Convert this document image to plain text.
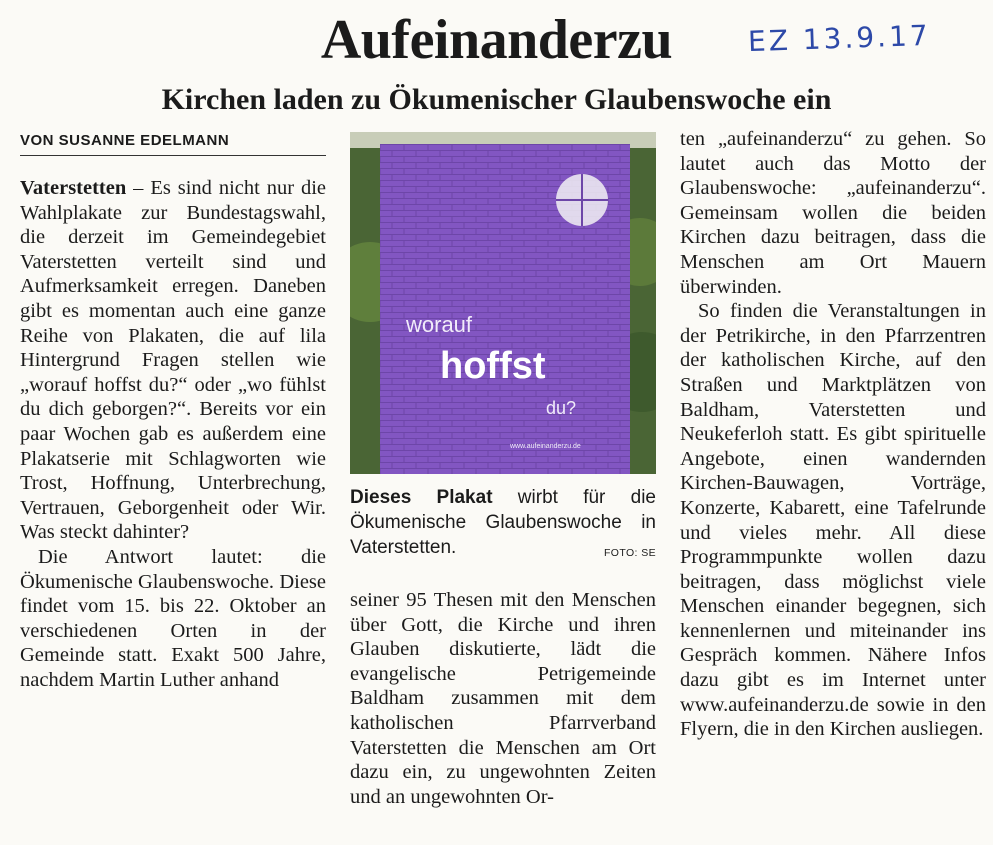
Aufeinanderzu	EZ 13.9.17
Kirchen laden zu Ökumenischer Glaubenswoche ein
VON SUSANNE EDELMANN

Vaterstetten – Es sind nicht nur die Wahlplakate zur Bundestagswahl, die derzeit im Gemeindegebiet Vaterstetten verteilt sind und Aufmerksamkeit erregen. Daneben gibt es momentan auch eine ganze Reihe von Plakaten, die auf lila Hintergrund Fragen stellen wie „worauf hoffst du?“ oder „wo fühlst du dich geborgen?“. Bereits vor ein paar Wochen gab es außerdem eine Plakatserie mit Schlagworten wie Trost, Hoffnung, Unterbrechung, Vertrauen, Geborgenheit oder Wir. Was steckt dahinter?

Die Antwort lautet: die Ökumenische Glaubenswoche. Diese findet vom 15. bis 22. Oktober an verschiedenen Orten in der Gemeinde statt. Exakt 500 Jahre, nachdem Martin Luther anhand

worauf
hoffst
du?
www.aufeinanderzu.de
Dieses Plakat wirbt für die Ökumenische Glaubenswoche in Vaterstetten.	FOTO: SE

seiner 95 Thesen mit den Menschen über Gott, die Kirche und ihren Glauben diskutierte, lädt die evangelische Petrigemeinde Baldham zusammen mit dem katholischen Pfarrverband Vaterstetten die Menschen am Ort dazu ein, zu ungewohnten Zeiten und an ungewohnten Or-

ten „aufeinanderzu“ zu gehen. So lautet auch das Motto der Glaubenswoche: „aufeinanderzu“. Gemeinsam wollen die beiden Kirchen dazu beitragen, dass die Menschen am Ort Mauern überwinden.

So finden die Veranstaltungen in der Petrikirche, in den Pfarrzentren der katholischen Kirche, auf den Straßen und Marktplätzen von Baldham, Vaterstetten und Neukeferloh statt. Es gibt spirituelle Angebote, einen wandernden Kirchen-Bauwagen, Vorträge, Konzerte, Kabarett, eine Tafelrunde und vieles mehr. All diese Programmpunkte wollen dazu beitragen, dass möglichst viele Menschen einander begegnen, sich kennenlernen und miteinander ins Gespräch kommen. Nähere Infos dazu gibt es im Internet unter www.aufeinanderzu.de sowie in den Flyern, die in den Kirchen ausliegen.
